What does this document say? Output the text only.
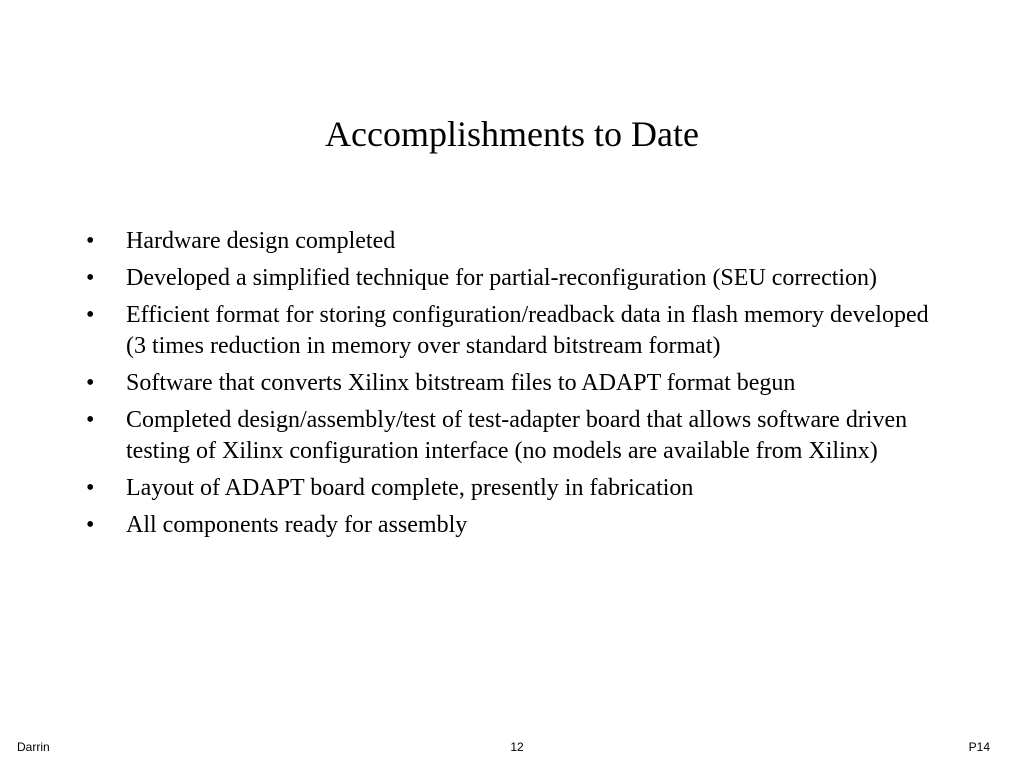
Accomplishments to Date
•	Hardware design completed
•	Developed a simplified technique for partial-reconfiguration (SEU correction)
•	Efficient format for storing configuration/readback data in flash memory developed (3 times reduction in memory over standard bitstream format)
•	Software that converts Xilinx bitstream files to ADAPT format begun
•	Completed design/assembly/test of test-adapter board that allows software driven testing of Xilinx configuration interface (no models are available from Xilinx)
•	Layout of ADAPT board complete, presently in fabrication
•	All components ready for assembly
Darrin	12	P14
